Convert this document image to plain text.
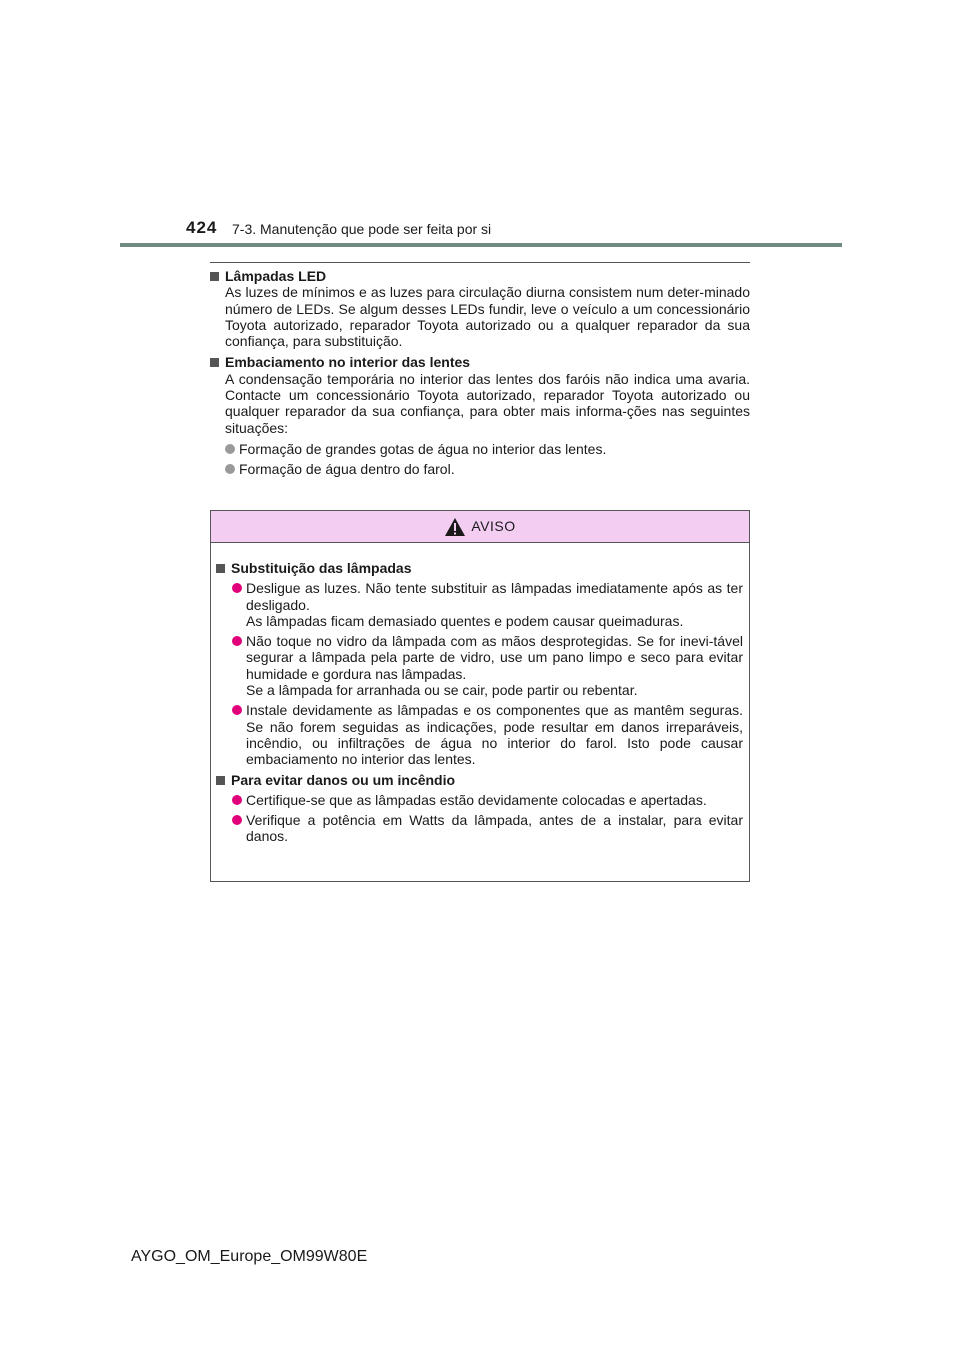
424 7-3. Manutenção que pode ser feita por si
Lâmpadas LED
As luzes de mínimos e as luzes para circulação diurna consistem num deter-minado número de LEDs. Se algum desses LEDs fundir, leve o veículo a um concessionário Toyota autorizado, reparador Toyota autorizado ou a qualquer reparador da sua confiança, para substituição.
Embaciamento no interior das lentes
A condensação temporária no interior das lentes dos faróis não indica uma avaria. Contacte um concessionário Toyota autorizado, reparador Toyota autorizado ou qualquer reparador da sua confiança, para obter mais informa-ções nas seguintes situações:
Formação de grandes gotas de água no interior das lentes.
Formação de água dentro do farol.
AVISO
Substituição das lâmpadas
Desligue as luzes. Não tente substituir as lâmpadas imediatamente após as ter desligado.
As lâmpadas ficam demasiado quentes e podem causar queimaduras.
Não toque no vidro da lâmpada com as mãos desprotegidas. Se for inevi-tável segurar a lâmpada pela parte de vidro, use um pano limpo e seco para evitar humidade e gordura nas lâmpadas.
Se a lâmpada for arranhada ou se cair, pode partir ou rebentar.
Instale devidamente as lâmpadas e os componentes que as mantêm seguras. Se não forem seguidas as indicações, pode resultar em danos irreparáveis, incêndio, ou infiltrações de água no interior do farol. Isto pode causar embaciamento no interior das lentes.
Para evitar danos ou um incêndio
Certifique-se que as lâmpadas estão devidamente colocadas e apertadas.
Verifique a potência em Watts da lâmpada, antes de a instalar, para evitar danos.
AYGO_OM_Europe_OM99W80E
